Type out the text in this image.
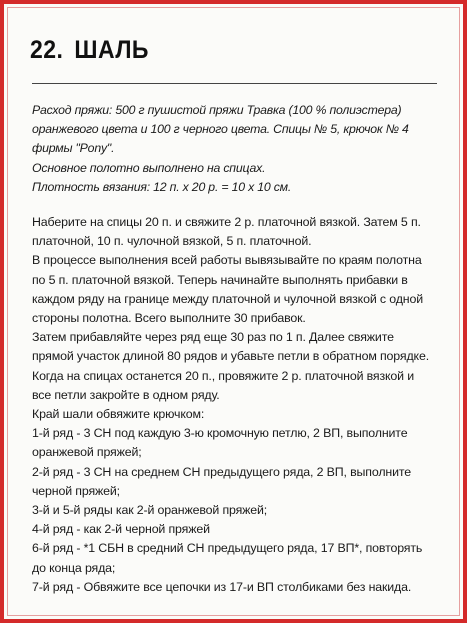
22. ШАЛЬ

Расход пряжи: 500 г пушистой пряжи Травка (100 % полиэстера)

оранжевого цвета и 100 г черного цвета. Спицы № 5, крючок № 4

фирмы "Pony".

Основное полотно выполнено на спицах.

Плотность вязания: 12 п. х 20 р. = 10 х 10 см.

Наберите на спицы 20 п. и свяжите 2 р. платочной вязкой. Затем 5 п.

платочной, 10 п. чулочной вязкой, 5 п. платочной.

В процессе выполнения всей работы вывязывайте по краям полотна

по 5 п. платочной вязкой. Теперь начинайте выполнять прибавки в

каждом ряду на границе между платочной и чулочной вязкой с одной

стороны полотна. Всего выполните 30 прибавок.

Затем прибавляйте через ряд еще 30 раз по 1 п. Далее свяжите

прямой участок длиной 80 рядов и убавьте петли в обратном порядке.

Когда на спицах останется 20 п., провяжите 2 р. платочной вязкой и

все петли закройте в одном ряду.

Край шали обвяжите крючком:

1-й ряд - 3 СН под каждую 3-ю кромочную петлю, 2 ВП, выполните

оранжевой пряжей;

2-й ряд - 3 СН на среднем СН предыдущего ряда, 2 ВП, выполните

черной пряжей;

3-й и 5-й ряды как 2-й оранжевой пряжей;

4-й ряд - как 2-й черной пряжей

6-й ряд - *1 СБН в средний СН предыдущего ряда, 17 ВП*, повторять

до конца ряда;

7-й ряд - Обвяжите все цепочки из 17-и ВП столбиками без накида.
